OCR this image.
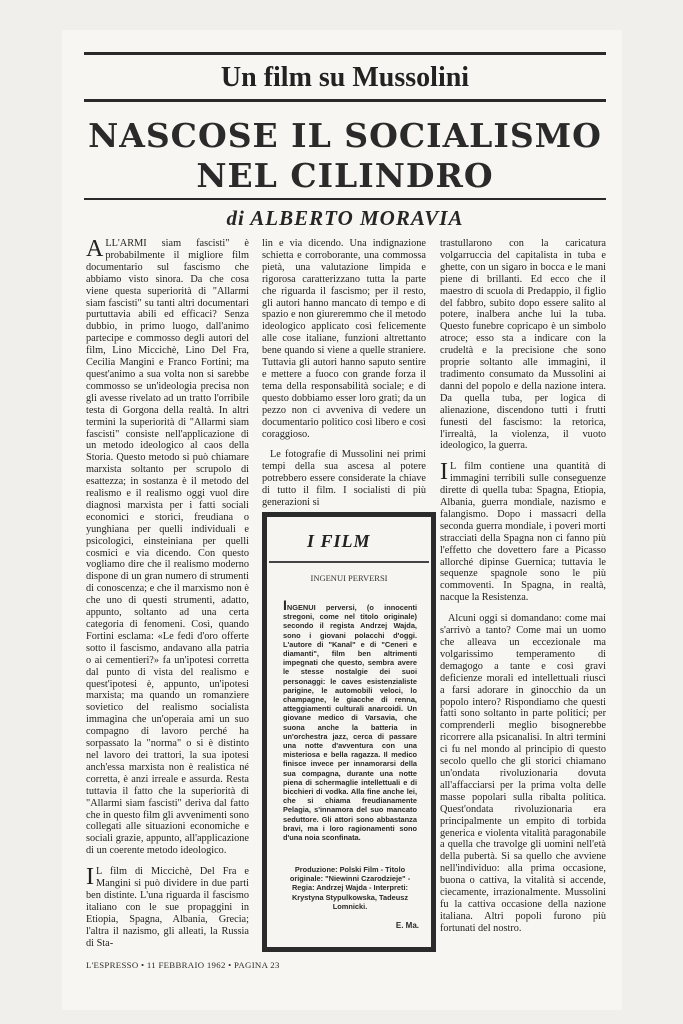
Un film su Mussolini
NASCOSE IL SOCIALISMO
NEL CILINDRO
di ALBERTO MORAVIA

ALL'ARMI siam fascisti" è probabilmente il migliore film documentario sul fascismo che abbiamo visto sinora. Da che cosa viene questa superiorità di "Allarmi siam fascisti" su tanti altri documentari purtuttavia abili ed efficaci? Senza dubbio, in primo luogo, dall'animo partecipe e commosso degli autori del film, Lino Miccichè, Lino Del Fra, Cecilia Mangini e Franco Fortini; ma quest'animo a sua volta non si sarebbe commosso se un'ideologia precisa non gli avesse rivelato ad un tratto l'orribile testa di Gorgona della realtà. In altri termini la superiorità di "Allarmi siam fascisti" consiste nell'applicazione di un metodo ideologico al caos della Storia. Questo metodo si può chiamare marxista soltanto per scrupolo di esattezza; in sostanza è il metodo del realismo e il realismo oggi vuol dire diagnosi marxista per i fatti sociali economici e storici, freudiana o yunghiana per quelli individuali e psicologici, einsteiniana per quelli cosmici e via dicendo. Con questo vogliamo dire che il realismo moderno dispone di un gran numero di strumenti di conoscenza; e che il marxismo non è che uno di questi strumenti, adatto, appunto, soltanto ad una certa categoria di fenomeni. Così, quando Fortini esclama: «Le fedi d'oro offerte sotto il fascismo, andavano alla patria o ai cementieri?» fa un'ipotesi corretta dal punto di vista del realismo e quest'ipotesi è, appunto, un'ipotesi marxista; ma quando un romanziere sovietico del realismo socialista immagina che un'operaia ami un suo compagno di lavoro perché ha sorpassato la "norma" o si è distinto nel lavoro dei trattori, la sua ipotesi anch'essa marxista non è realistica né corretta, è anzi irreale e assurda. Resta tuttavia il fatto che la superiorità di "Allarmi siam fascisti" deriva dal fatto che in questo film gli avvenimenti sono collegati alle situazioni economiche e sociali grazie, appunto, all'applicazione di un coerente metodo ideologico.

IL film di Miccichè, Del Fra e Mangini si può dividere in due parti ben distinte. L'una riguarda il fascismo italiano con le sue propaggini in Etiopia, Spagna, Albania, Grecia; l'altra il nazismo, gli alleati, la Russia di Sta-

lin e via dicendo. Una indignazione schietta e corroborante, una commossa pietà, una valutazione limpida e rigorosa caratterizzano tutta la parte che riguarda il fascismo; per il resto, gli autori hanno mancato di tempo e di spazio e non giureremmo che il metodo ideologico applicato così felicemente alle cose italiane, funzioni altrettanto bene quando si viene a quelle straniere. Tuttavia gli autori hanno saputo sentire e mettere a fuoco con grande forza il tema della responsabilità sociale; e di questo dobbiamo esser loro grati; da un pezzo non ci avveniva di vedere un documentario politico così libero e così coraggioso.

Le fotografie di Mussolini nei primi tempi della sua ascesa al potere potrebbero essere considerate la chiave di tutto il film. I socialisti di più generazioni si

trastullarono con la caricatura volgarruccia del capitalista in tuba e ghette, con un sigaro in bocca e le mani piene di brillanti. Ed ecco che il maestro di scuola di Predappio, il figlio del fabbro, subito dopo essere salito al potere, inalbera anche lui la tuba. Questo funebre copricapo è un simbolo atroce; esso sta a indicare con la crudeltà e la precisione che sono proprie soltanto alle immagini, il tradimento consumato da Mussolini ai danni del popolo e della nazione intera. Da quella tuba, per logica di alienazione, discendono tutti i frutti funesti del fascismo: la retorica, l'irrealtà, la violenza, il vuoto ideologico, la guerra.

IL film contiene una quantità di immagini terribili sulle conseguenze dirette di quella tuba: Spagna, Etiopia, Albania, guerra mondiale, nazismo e falangismo. Dopo i massacri della seconda guerra mondiale, i poveri morti stracciati della Spagna non ci fanno più l'effetto che dovettero fare a Picasso allorché dipinse Guernica; tuttavia le sequenze spagnole sono le più commoventi. In Spagna, in realtà, nacque la Resistenza.

Alcuni oggi si domandano: come mai s'arrivò a tanto? Come mai un uomo che alleava un eccezionale ma volgarissimo temperamento di demagogo a tante e così gravi deficienze morali ed intellettuali riuscì a farsi adorare in ginocchio da un popolo intero? Rispondiamo che questi fatti sono soltanto in parte politici; per comprenderli meglio bisognerebbe ricorrere alla psicanalisi. In altri termini ci fu nel mondo al principio di questo secolo quello che gli storici chiamano un'ondata rivoluzionaria dovuta all'affacciarsi per la prima volta delle masse popolari sulla ribalta politica. Quest'ondata rivoluzionaria era principalmente un empito di torbida generica e violenta vitalità paragonabile a quella che travolge gli uomini nell'età della pubertà. Si sa quello che avviene nell'individuo: alla prima occasione, buona o cattiva, la vitalità si accende, ciecamente, irrazionalmente. Mussolini fu la cattiva occasione della nazione italiana. Altri popoli furono più fortunati del nostro.

I FILM
INGENUI PERVERSI
INGENUI perversi, (o innocenti stregoni, come nel titolo originale) secondo il regista Andrzej Wajda, sono i giovani polacchi d'oggi. L'autore di "Kanal" e di "Ceneri e diamanti", film ben altrimenti impegnati che questo, sembra avere le stesse nostalgie dei suoi personaggi: le caves esistenzialiste parigine, le automobili veloci, lo champagne, le giacche di renna, atteggiamenti culturali anarcoidi. Un giovane medico di Varsavia, che suona anche la batteria in un'orchestra jazz, cerca di passare una notte d'avventura con una misteriosa e bella ragazza. Il medico finisce invece per innamorarsi della sua compagna, durante una notte piena di schermaglie intellettuali e di bicchieri di vodka. Alla fine anche lei, che si chiama freudianamente Pelagia, s'innamora del suo mancato seduttore. Gli attori sono abbastanza bravi, ma i loro ragionamenti sono d'una noia sconfinata.
Produzione: Polski Film - Titolo originale: "Niewinni Czarodzieje" - Regia: Andrzej Wajda - Interpreti: Krystyna Stypulkowska, Tadeusz Lomnicki.
E. Ma.
L'ESPRESSO • 11 FEBBRAIO 1962 • PAGINA 23
